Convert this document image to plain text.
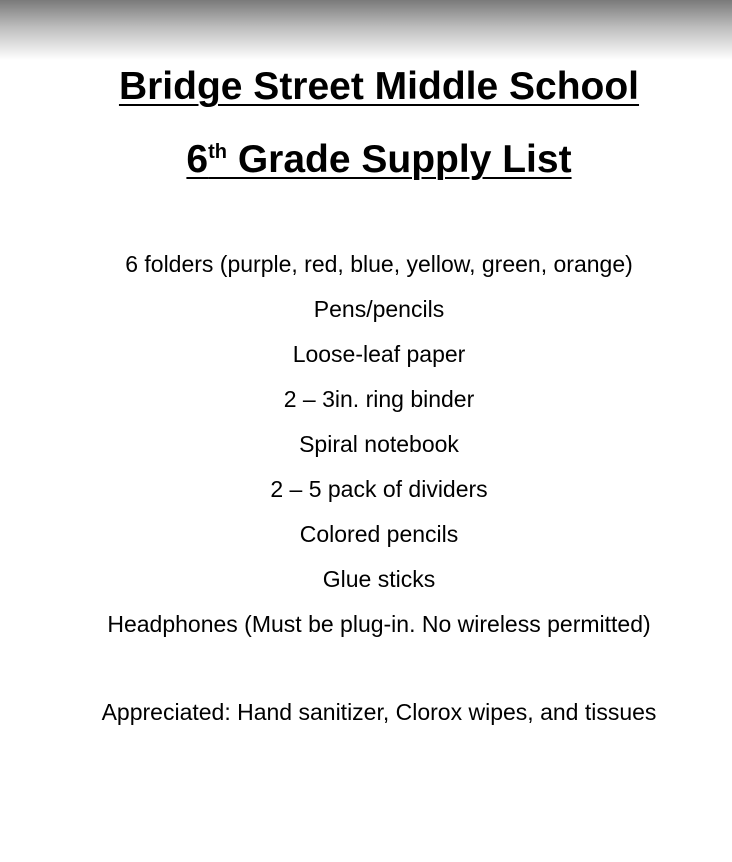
Bridge Street Middle School
6th Grade Supply List
6 folders (purple, red, blue, yellow, green, orange)
Pens/pencils
Loose-leaf paper
2 – 3in. ring binder
Spiral notebook
2 – 5 pack of dividers
Colored pencils
Glue sticks
Headphones (Must be plug-in. No wireless permitted)
Appreciated: Hand sanitizer, Clorox wipes, and tissues
